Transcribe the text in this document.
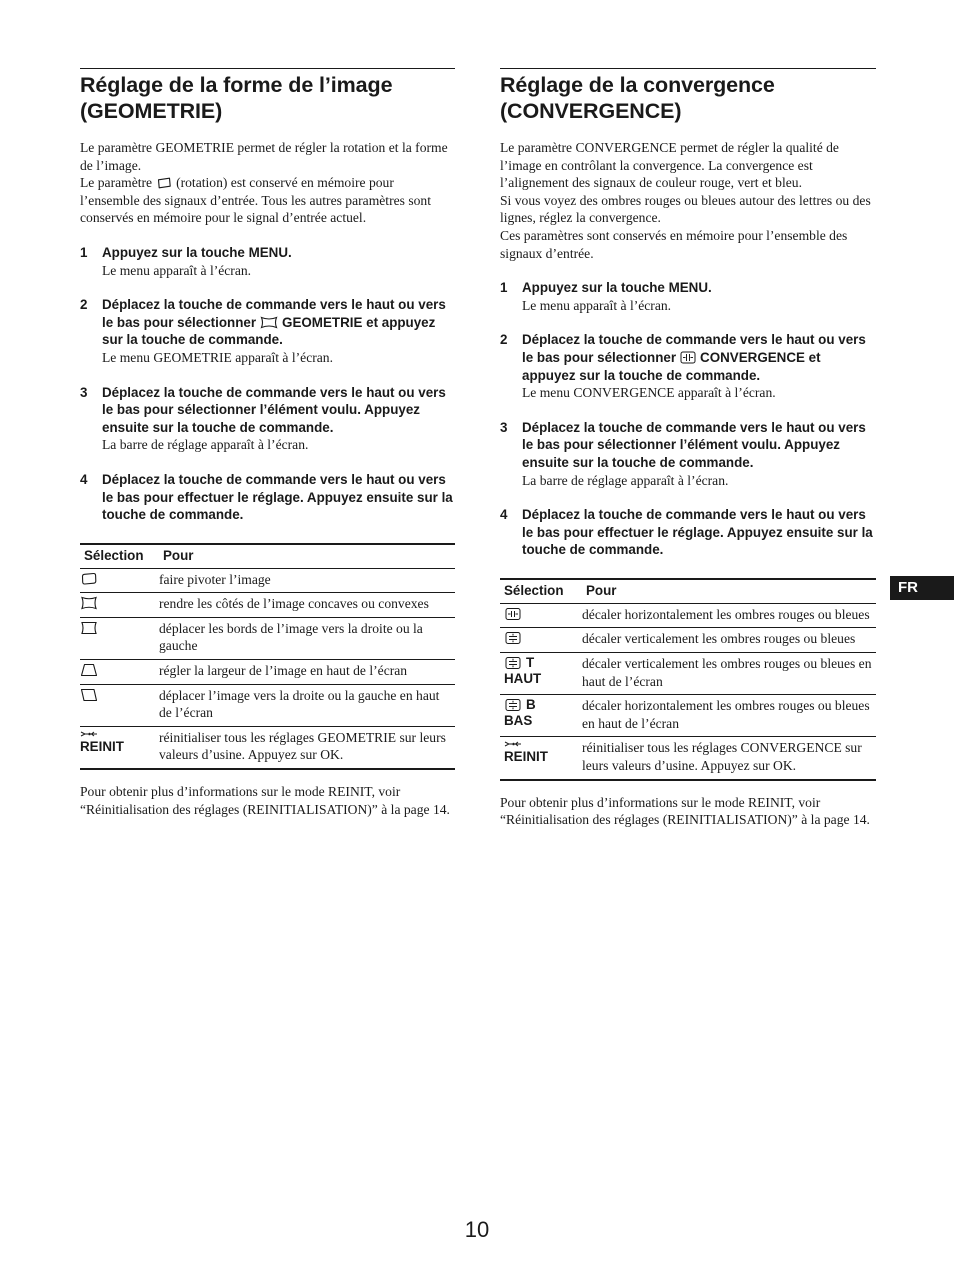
Réglage de la forme de l’image
(GEOMETRIE)

Le paramètre GEOMETRIE permet de régler la rotation et la forme de l’image.

Le paramètre (rotation) est conservé en mémoire pour l’ensemble des signaux d’entrée. Tous les autres paramètres sont conservés en mémoire pour le signal d’entrée actuel.

1	Appuyez sur la touche MENU.
Le menu apparaît à l’écran.
2	Déplacez la touche de commande vers le haut ou vers le bas pour sélectionner GEOMETRIE et appuyez sur la touche de commande.
Le menu GEOMETRIE apparaît à l’écran.
3	Déplacez la touche de commande vers le haut ou vers le bas pour sélectionner l’élément voulu. Appuyez ensuite sur la touche de commande.
La barre de réglage apparaît à l’écran.
4	Déplacez la touche de commande vers le haut ou vers le bas pour effectuer le réglage. Appuyez ensuite sur la touche de commande.
Sélection	Pour

	faire pivoter l’image

	rendre les côtés de l’image concaves ou convexes

	déplacer les bords de l’image vers la droite ou la gauche

	régler la largeur de l’image en haut de l’écran

	déplacer l’image vers la droite ou la gauche en haut de l’écran

REINIT	réinitialiser tous les réglages GEOMETRIE sur leurs valeurs d’usine. Appuyez sur OK.

Pour obtenir plus d’informations sur le mode REINIT, voir “Réinitialisation des réglages (REINITIALISATION)” à la page 14.

Réglage de la convergence
(CONVERGENCE)

Le paramètre CONVERGENCE permet de régler la qualité de l’image en contrôlant la convergence. La convergence est l’alignement des signaux de couleur rouge, vert et bleu.

Si vous voyez des ombres rouges ou bleues autour des lettres ou des lignes, réglez la convergence.

Ces paramètres sont conservés en mémoire pour l’ensemble des signaux d’entrée.

1	Appuyez sur la touche MENU.
Le menu apparaît à l’écran.
2	Déplacez la touche de commande vers le haut ou vers le bas pour sélectionner CONVERGENCE et appuyez sur la touche de commande.
Le menu CONVERGENCE apparaît à l’écran.
3	Déplacez la touche de commande vers le haut ou vers le bas pour sélectionner l’élément voulu. Appuyez ensuite sur la touche de commande.
La barre de réglage apparaît à l’écran.
4	Déplacez la touche de commande vers le haut ou vers le bas pour effectuer le réglage. Appuyez ensuite sur la touche de commande.
Sélection	Pour

	décaler horizontalement les ombres rouges ou bleues

	décaler verticalement les ombres rouges ou bleues

T
HAUT	décaler verticalement les ombres rouges ou bleues en haut de l’écran

B
BAS	décaler horizontalement les ombres rouges ou bleues en haut de l’écran

REINIT	réinitialiser tous les réglages CONVERGENCE sur leurs valeurs d’usine. Appuyez sur OK.

Pour obtenir plus d’informations sur le mode REINIT, voir “Réinitialisation des réglages (REINITIALISATION)” à la page 14.

FR
10
